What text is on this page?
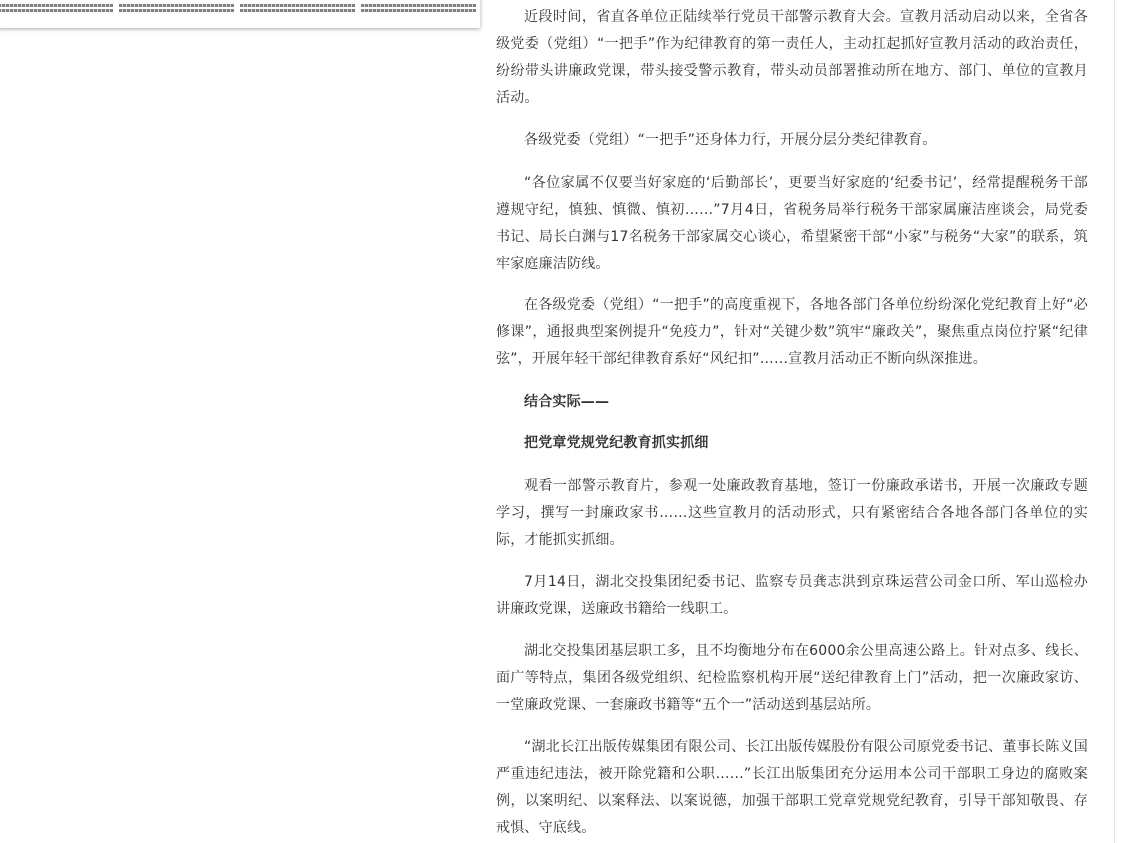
近段时间，省直各单位正陆续举行党员干部警示教育大会。宣教月活动启动以来，全省各级党委（党组）“一把手”作为纪律教育的第一责任人，主动扛起抓好宣教月活动的政治责任，纷纷带头讲廉政党课，带头接受警示教育，带头动员部署推动所在地方、部门、单位的宣教月活动。

各级党委（党组）“一把手”还身体力行，开展分层分类纪律教育。

“各位家属不仅要当好家庭的‘后勤部长’，更要当好家庭的‘纪委书记’，经常提醒税务干部遵规守纪，慎独、慎微、慎初……”7月4日，省税务局举行税务干部家属廉洁座谈会，局党委书记、局长白渊与17名税务干部家属交心谈心，希望紧密干部“小家”与税务“大家”的联系，筑牢家庭廉洁防线。

在各级党委（党组）“一把手”的高度重视下，各地各部门各单位纷纷深化党纪教育上好“必修课”，通报典型案例提升“免疫力”，针对“关键少数”筑牢“廉政关”，聚焦重点岗位拧紧“纪律弦”，开展年轻干部纪律教育系好“风纪扣”……宣教月活动正不断向纵深推进。

结合实际——

把党章党规党纪教育抓实抓细

观看一部警示教育片，参观一处廉政教育基地，签订一份廉政承诺书，开展一次廉政专题学习，撰写一封廉政家书……这些宣教月的活动形式，只有紧密结合各地各部门各单位的实际，才能抓实抓细。

7月14日，湖北交投集团纪委书记、监察专员龚志洪到京珠运营公司金口所、军山巡检办讲廉政党课，送廉政书籍给一线职工。

湖北交投集团基层职工多，且不均衡地分布在6000余公里高速公路上。针对点多、线长、面广等特点，集团各级党组织、纪检监察机构开展“送纪律教育上门”活动，把一次廉政家访、一堂廉政党课、一套廉政书籍等“五个一”活动送到基层站所。

“湖北长江出版传媒集团有限公司、长江出版传媒股份有限公司原党委书记、董事长陈义国严重违纪违法，被开除党籍和公职……”长江出版集团充分运用本公司干部职工身边的腐败案例，以案明纪、以案释法、以案说德，加强干部职工党章党规党纪教育，引导干部知敬畏、存戒惧、守底线。
